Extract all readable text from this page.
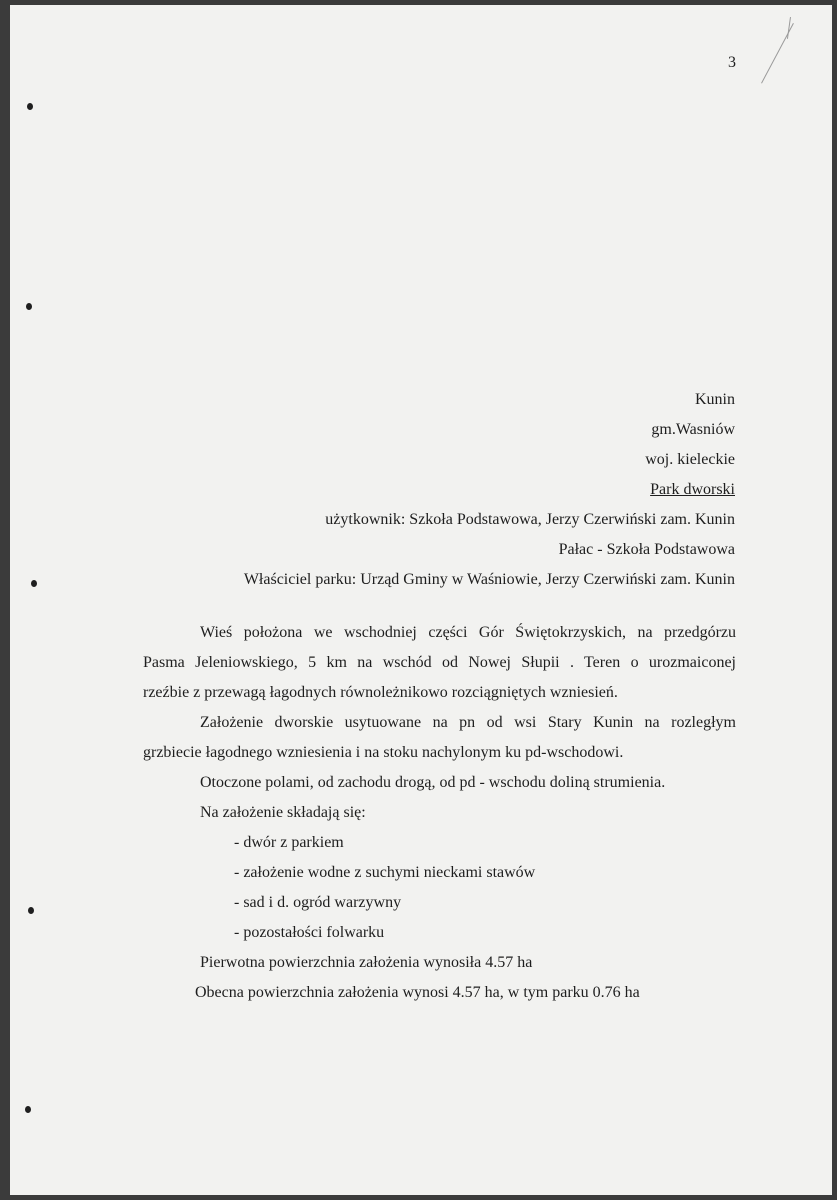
3
Kunin
gm.Wasniów
woj. kieleckie
Park dworski
użytkownik: Szkoła Podstawowa, Jerzy Czerwiński zam. Kunin
Pałac - Szkoła Podstawowa
Właściciel parku: Urząd Gminy w Waśniowie, Jerzy Czerwiński zam. Kunin
Wieś położona we wschodniej części Gór Świętokrzyskich, na przedgórzu
Pasma Jeleniowskiego, 5 km na wschód od Nowej Słupii . Teren o urozmaiconej
rzeźbie z przewagą łagodnych równoleżnikowo rozciągniętych wzniesień.
Założenie dworskie usytuowane na pn od wsi Stary Kunin na rozległym
grzbiecie łagodnego wzniesienia i na stoku nachylonym ku pd-wschodowi.
Otoczone polami, od zachodu drogą, od pd - wschodu doliną strumienia.
Na założenie składają się:
- dwór z parkiem
- założenie wodne z suchymi nieckami stawów
- sad i d. ogród warzywny
- pozostałości folwarku
Pierwotna powierzchnia założenia wynosiła 4.57 ha
Obecna powierzchnia założenia wynosi 4.57 ha, w tym parku 0.76 ha
